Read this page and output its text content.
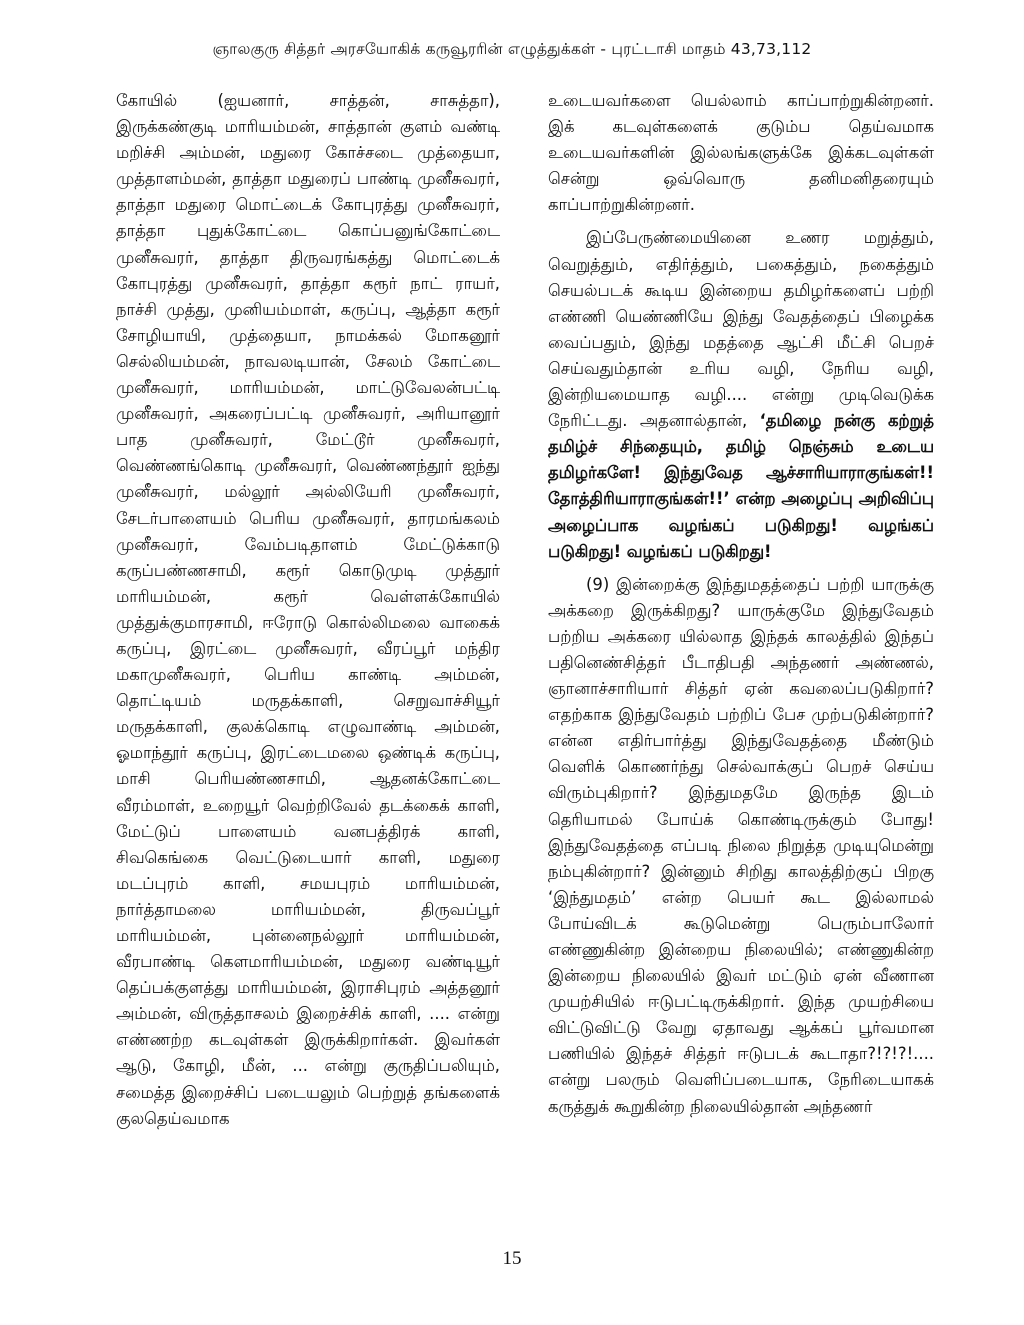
ஞாலகுரு சித்தர் அரசயோகிக் கருவூரரின் எழுத்துக்கள் - புரட்டாசி மாதம் 43,73,112

கோயில் (ஐயனார், சாத்தன், சாசுத்தா), இருக்கண்குடி மாரியம்மன், சாத்தான் குளம் வண்டி மறிச்சி அம்மன், மதுரை கோச்சடை முத்தையா, முத்தாளம்மன், தாத்தா மதுரைப் பாண்டி முனீசுவரர், தாத்தா மதுரை மொட்டைக் கோபுரத்து முனீசுவரர், தாத்தா புதுக்கோட்டை கொப்பனுங்கோட்டை முனீசுவரர், தாத்தா திருவரங்கத்து மொட்டைக் கோபுரத்து முனீசுவரர், தாத்தா கரூர் நாட் ராயர், நாச்சி முத்து, முனியம்மாள், கருப்பு, ஆத்தா கரூர் சோழியாயி, முத்தையா, நாமக்கல் மோகனூர் செல்லியம்மன், நாவலடியான், சேலம் கோட்டை முனீசுவரர், மாரியம்மன், மாட்டுவேலன்பட்டி முனீசுவரர், அகரைப்பட்டி முனீசுவரர், அரியானூர் பாத முனீசுவரர், மேட்டூர் முனீசுவரர், வெண்ணங்கொடி முனீசுவரர், வெண்ணந்தூர் ஐந்து முனீசுவரர், மல்லூர் அல்லியேரி முனீசுவரர், சேடர்பாளையம் பெரிய முனீசுவரர், தாரமங்கலம் முனீசுவரர், வேம்படிதாளம் மேட்டுக்காடு கருப்பண்ணசாமி, கரூர் கொடுமுடி முத்தூர் மாரியம்மன், கரூர் வெள்ளக்கோயில் முத்துக்குமாரசாமி, ஈரோடு கொல்லிமலை வாகைக் கருப்பு, இரட்டை முனீசுவரர், வீரப்பூர் மந்திர மகாமுனீசுவரர், பெரிய காண்டி அம்மன், தொட்டியம் மருதக்காளி, செறுவாச்சியூர் மருதக்காளி, குலக்கொடி எழுவாண்டி அம்மன், ஓமாந்தூர் கருப்பு, இரட்டைமலை ஒண்டிக் கருப்பு, மாசி பெரியண்ணசாமி, ஆதனக்கோட்டை வீரம்மாள், உறையூர் வெற்றிவேல் தடக்கைக் காளி, மேட்டுப் பாளையம் வனபத்திரக் காளி, சிவகெங்கை வெட்டுடையார் காளி, மதுரை மடப்புரம் காளி, சமயபுரம் மாரியம்மன், நார்த்தாமலை மாரியம்மன், திருவப்பூர் மாரியம்மன், புன்னைநல்லூர் மாரியம்மன், வீரபாண்டி கௌமாரியம்மன், மதுரை வண்டியூர் தெப்பக்குளத்து மாரியம்மன், இராசிபுரம் அத்தனூர் அம்மன், விருத்தாசலம் இறைச்சிக் காளி, .... என்று எண்ணற்ற கடவுள்கள் இருக்கிறார்கள். இவர்கள் ஆடு, கோழி, மீன், ... என்று குருதிப்பலியும், சமைத்த இறைச்சிப் படையலும் பெற்றுத் தங்களைக் குலதெய்வமாக

உடையவர்களை யெல்லாம் காப்பாற்றுகின்றனர். இக் கடவுள்களைக் குடும்ப தெய்வமாக உடையவர்களின் இல்லங்களுக்கே இக்கடவுள்கள் சென்று ஒவ்வொரு தனிமனிதரையும் காப்பாற்றுகின்றனர்.

இப்பேருண்மையினை உணர மறுத்தும், வெறுத்தும், எதிர்த்தும், பகைத்தும், நகைத்தும் செயல்படக் கூடிய இன்றைய தமிழர்களைப் பற்றி எண்ணி யெண்ணியே இந்து வேதத்தைப் பிழைக்க வைப்பதும், இந்து மதத்தை ஆட்சி மீட்சி பெறச் செய்வதும்தான் உரிய வழி, நேரிய வழி, இன்றியமையாத வழி.... என்று முடிவெடுக்க நேரிட்டது. அதனால்தான், ‘தமிழை நன்கு கற்றுத் தமிழ்ச் சிந்தையும், தமிழ் நெஞ்சும் உடைய தமிழர்களே! இந்துவேத ஆச்சாரியாராகுங்கள்!! தோத்திரியாராகுங்கள்!!’ என்ற அழைப்பு அறிவிப்பு அழைப்பாக வழங்கப் படுகிறது! வழங்கப் படுகிறது! வழங்கப் படுகிறது!

(9) இன்றைக்கு இந்துமதத்தைப் பற்றி யாருக்கு அக்கறை இருக்கிறது? யாருக்குமே இந்துவேதம் பற்றிய அக்கரை யில்லாத இந்தக் காலத்தில் இந்தப் பதினெண்சித்தர் பீடாதிபதி அந்தணர் அண்ணல், ஞானாச்சாரியார் சித்தர் ஏன் கவலைப்படுகிறார்? எதற்காக இந்துவேதம் பற்றிப் பேச முற்படுகின்றார்? என்ன எதிர்பார்த்து இந்துவேதத்தை மீண்டும் வெளிக் கொணர்ந்து செல்வாக்குப் பெறச் செய்ய விரும்புகிறார்? இந்துமதமே இருந்த இடம் தெரியாமல் போய்க் கொண்டிருக்கும் போது! இந்துவேதத்தை எப்படி நிலை நிறுத்த முடியுமென்று நம்புகின்றார்? இன்னும் சிறிது காலத்திற்குப் பிறகு ‘இந்துமதம்’ என்ற பெயர் கூட இல்லாமல் போய்விடக் கூடுமென்று பெரும்பாலோர் எண்ணுகின்ற இன்றைய நிலையில்; எண்ணுகின்ற இன்றைய நிலையில் இவர் மட்டும் ஏன் வீணான முயற்சியில் ஈடுபட்டிருக்கிறார். இந்த முயற்சியை விட்டுவிட்டு வேறு ஏதாவது ஆக்கப் பூர்வமான பணியில் இந்தச் சித்தர் ஈடுபடக் கூடாதா?!?!?!.... என்று பலரும் வெளிப்படையாக, நேரிடையாகக் கருத்துக் கூறுகின்ற நிலையில்தான் அந்தணர்

15
